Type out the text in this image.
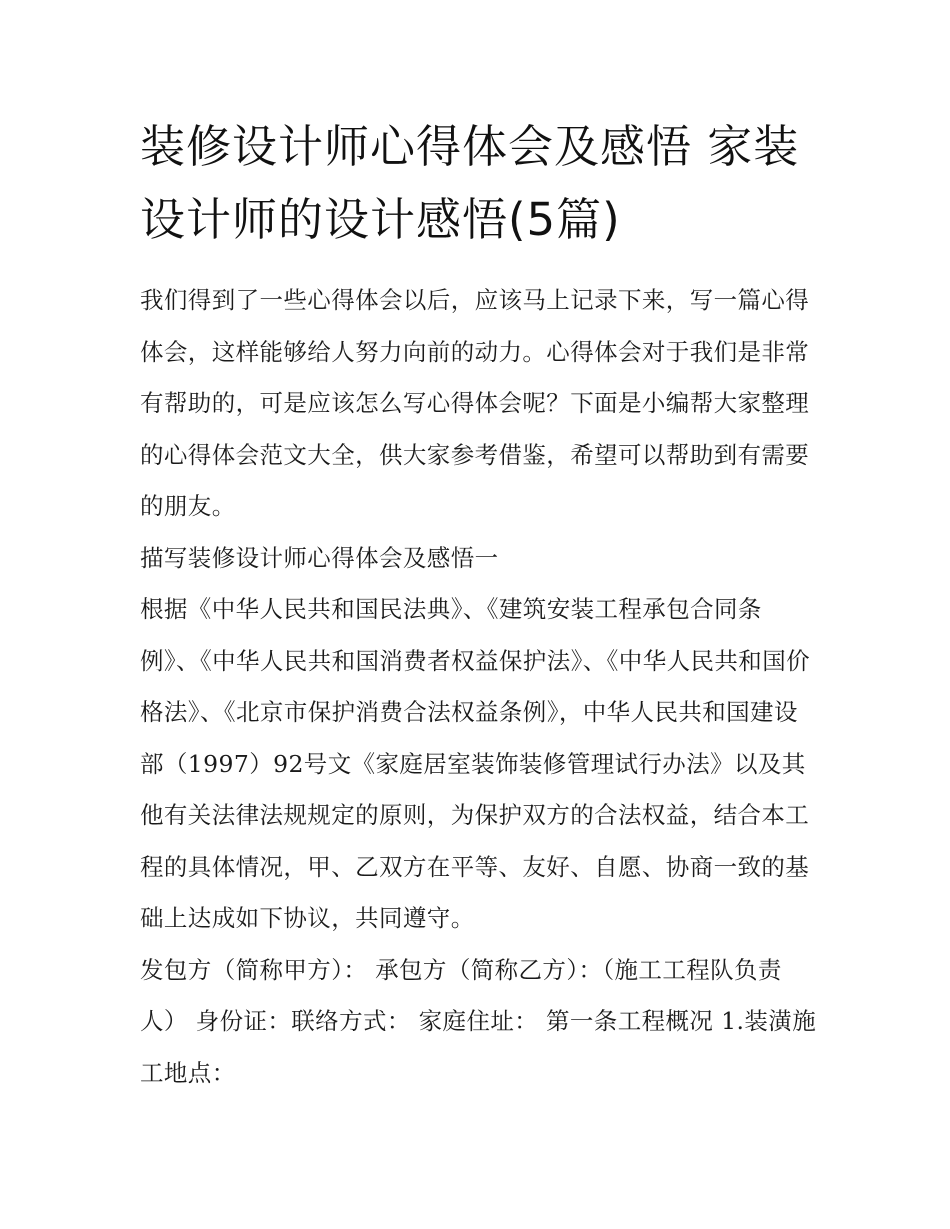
装修设计师心得体会及感悟 家装设计师的设计感悟(5篇)

我们得到了一些心得体会以后，应该马上记录下来，写一篇心得体会，这样能够给人努力向前的动力。心得体会对于我们是非常有帮助的，可是应该怎么写心得体会呢？下面是小编帮大家整理的心得体会范文大全，供大家参考借鉴，希望可以帮助到有需要的朋友。

描写装修设计师心得体会及感悟一

根据《中华人民共和国民法典》、《建筑安装工程承包合同条例》、《中华人民共和国消费者权益保护法》、《中华人民共和国价格法》、《北京市保护消费合法权益条例》，中华人民共和国建设部（1997）92号文《家庭居室装饰装修管理试行办法》以及其他有关法律法规规定的原则，为保护双方的合法权益，结合本工程的具体情况，甲、乙双方在平等、友好、自愿、协商一致的基础上达成如下协议，共同遵守。

发包方（简称甲方）： 承包方（简称乙方）：（施工工程队负责人） 身份证：联络方式： 家庭住址： 第一条工程概况 1.装潢施工地点：
